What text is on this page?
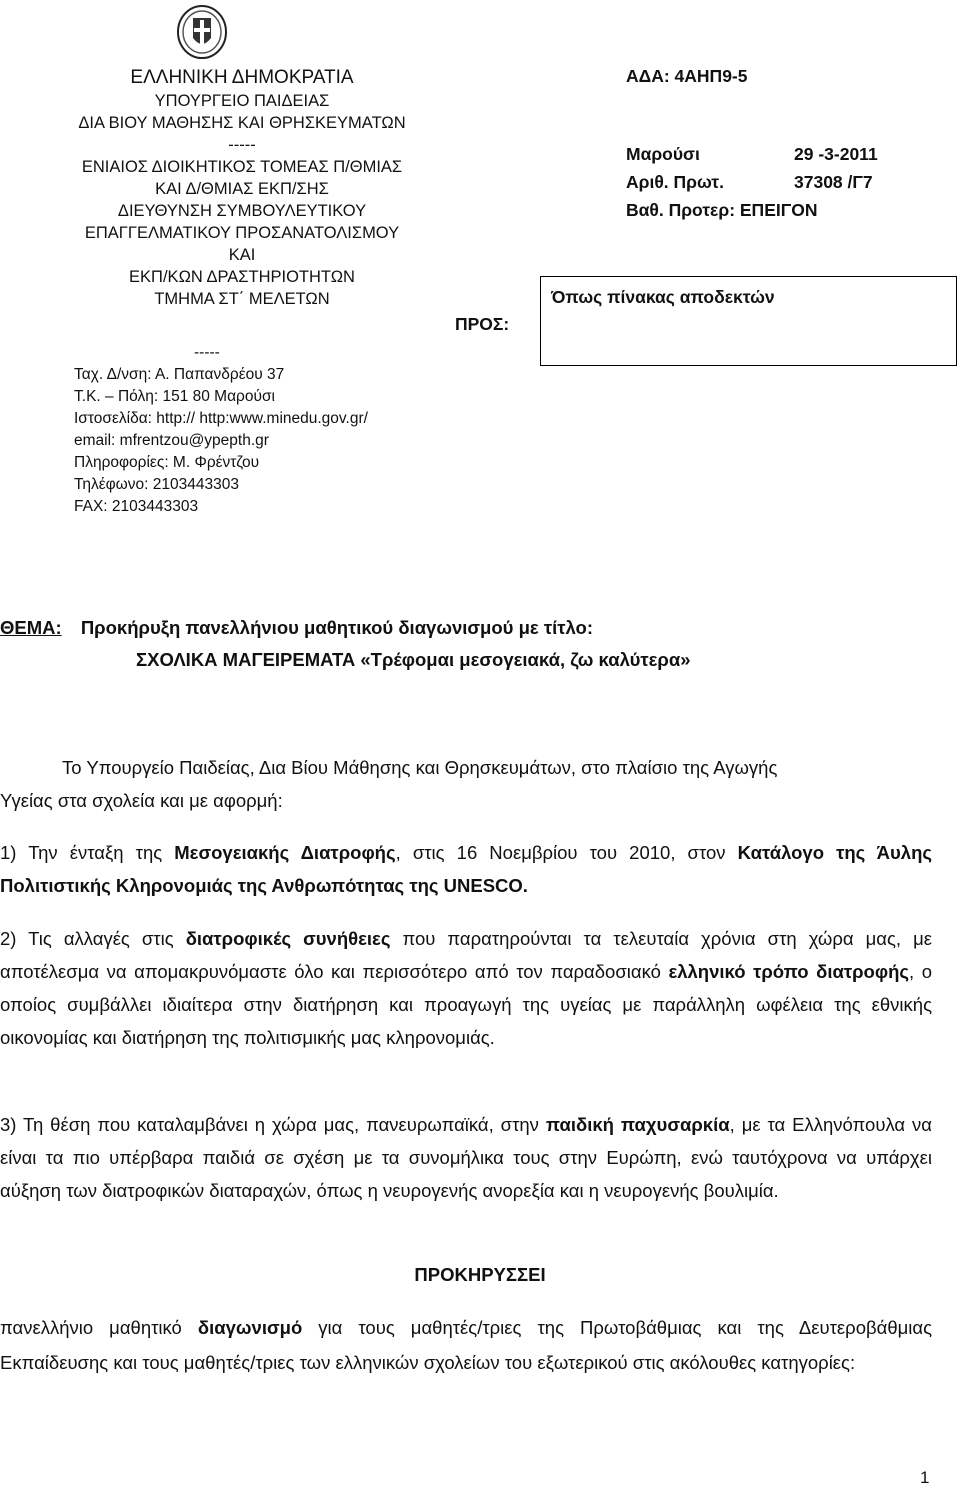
ΕΛΛΗΝΙΚΗ ΔΗΜΟΚΡΑΤΙΑ
ΥΠΟΥΡΓΕΙΟ ΠΑΙΔΕΙΑΣ
ΔΙΑ ΒΙΟΥ ΜΑΘΗΣΗΣ ΚΑΙ ΘΡΗΣΚΕΥΜΑΤΩΝ
-----
ΕΝΙΑΙΟΣ ΔΙΟΙΚΗΤΙΚΟΣ ΤΟΜΕΑΣ Π/ΘΜΙΑΣ
ΚΑΙ Δ/ΘΜΙΑΣ ΕΚΠ/ΣΗΣ
ΔΙΕΥΘΥΝΣΗ ΣΥΜΒΟΥΛΕΥΤΙΚΟΥ
ΕΠΑΓΓΕΛΜΑΤΙΚΟΥ ΠΡΟΣΑΝΑΤΟΛΙΣΜΟΥ ΚΑΙ
ΕΚΠ/ΚΩΝ ΔΡΑΣΤΗΡΙΟΤΗΤΩΝ
ΤΜΗΜΑ ΣΤ΄ ΜΕΛΕΤΩΝ
-----
Ταχ. Δ/νση: Α. Παπανδρέου 37
Τ.Κ. – Πόλη: 151 80 Μαρούσι
Ιστοσελίδα: http:// http:www.minedu.gov.gr/
email: mfrentzou@ypepth.gr
Πληροφορίες: Μ. Φρέντζου
Τηλέφωνο: 2103443303
FAX: 2103443303
ΑΔΑ: 4ΑΗΠ9-5
Μαρούσι	29 -3-2011
Αριθ. Πρωτ.	37308 /Γ7
Βαθ. Προτερ: ΕΠΕΙΓΟΝ
ΠΡΟΣ:
Όπως πίνακας αποδεκτών
ΘΕΜΑ: Προκήρυξη πανελλήνιου μαθητικού διαγωνισμού με τίτλο:
ΣΧΟΛΙΚΑ ΜΑΓΕΙΡΕΜΑΤΑ «Τρέφομαι μεσογειακά, ζω καλύτερα»
Το Υπουργείο Παιδείας, Δια Βίου Μάθησης και Θρησκευμάτων, στο πλαίσιο της Αγωγής
Υγείας στα σχολεία και με αφορμή:
1) Την ένταξη της Μεσογειακής Διατροφής, στις 16 Νοεμβρίου του 2010, στον Κατάλογο της Άυλης Πολιτιστικής Κληρονομιάς της Ανθρωπότητας της UNESCO.
2) Τις αλλαγές στις διατροφικές συνήθειες που παρατηρούνται τα τελευταία χρόνια στη χώρα μας, με αποτέλεσμα να απομακρυνόμαστε όλο και περισσότερο από τον παραδοσιακό ελληνικό τρόπο διατροφής, ο οποίος συμβάλλει ιδιαίτερα στην διατήρηση και προαγωγή της υγείας με παράλληλη ωφέλεια της εθνικής οικονομίας και διατήρηση της πολιτισμικής μας κληρονομιάς.
3) Τη θέση που καταλαμβάνει η χώρα μας, πανευρωπαϊκά, στην παιδική παχυσαρκία, με τα Ελληνόπουλα να είναι τα πιο υπέρβαρα παιδιά σε σχέση με τα συνομήλικα τους στην Ευρώπη, ενώ ταυτόχρονα να υπάρχει αύξηση των διατροφικών διαταραχών, όπως η νευρογενής ανορεξία και η νευρογενής βουλιμία.
ΠΡΟΚΗΡΥΣΣΕΙ
πανελλήνιο μαθητικό διαγωνισμό για τους μαθητές/τριες της Πρωτοβάθμιας και της Δευτεροβάθμιας Εκπαίδευσης και τους μαθητές/τριες των ελληνικών σχολείων του εξωτερικού στις ακόλουθες κατηγορίες:
1
